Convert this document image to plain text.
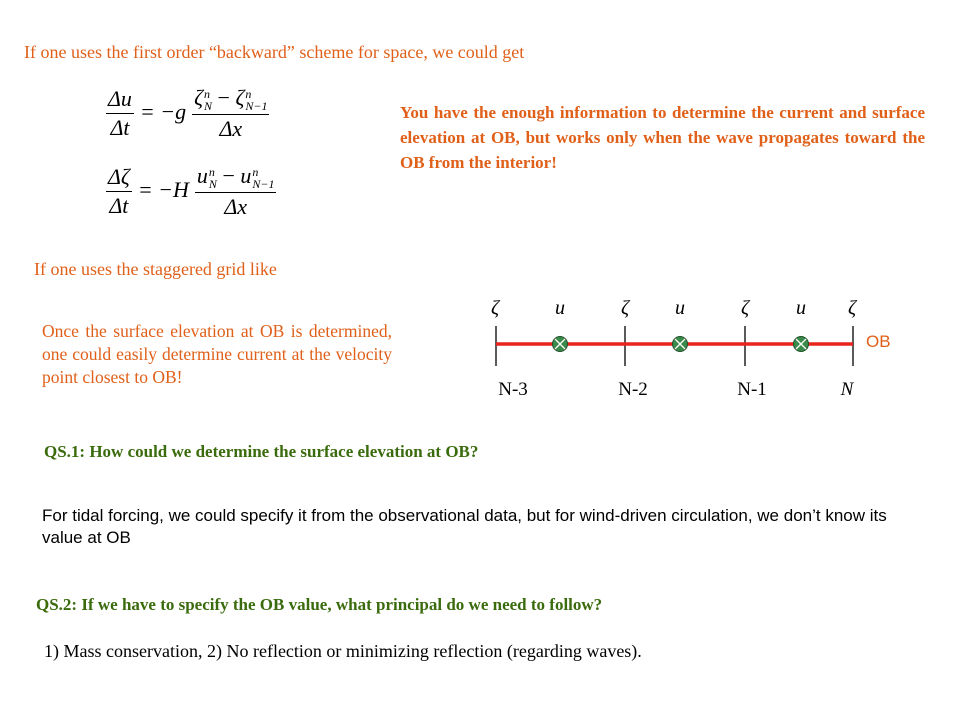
If one uses the first order “backward” scheme for space, we could get
$\frac{\Delta u}{\Delta t} = -g$ ζ n
N − ζ n
N−1
Δx
$\frac{\Delta\zeta}{\Delta t} = -H$ u n
N − u n
N−1
Δx
You have the enough information to determine the current and surface elevation at OB, but works only when the wave propagates toward the OB from the interior!
If one uses the staggered grid like
Once the surface elevation at OB is determined, one could easily determine current at the velocity point closest to OB!
ζ	u	ζ u	ζ u ζ
OB
N-3	N-2	N-1	N
QS.1: How could we determine the surface elevation at OB?
For tidal forcing, we could specify it from the observational data, but for wind-driven circulation, we don’t know its value at OB
QS.2: If we have to specify the OB value, what principal do we need to follow?
1) Mass conservation, 2) No reflection or minimizing reflection (regarding waves).
